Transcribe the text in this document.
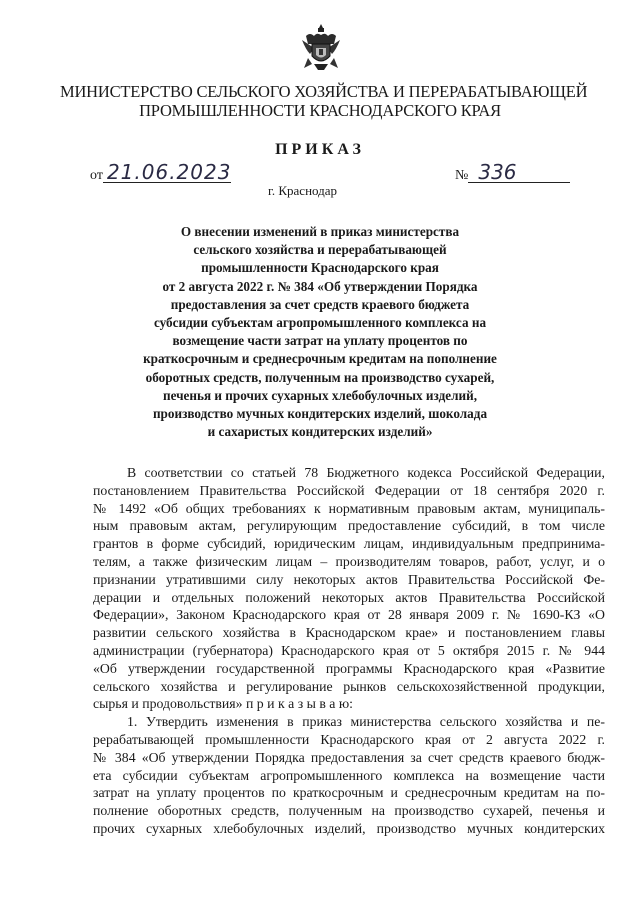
МИНИСТЕРСТВО СЕЛЬСКОГО ХОЗЯЙСТВА И ПЕРЕРАБАТЫВАЮЩЕЙ
ПРОМЫШЛЕННОСТИ КРАСНОДАРСКОГО КРАЯ
ПРИКАЗ
от 21.06.2023	№ 336
г. Краснодар
О внесении изменений в приказ министерства
сельского хозяйства и перерабатывающей
промышленности Краснодарского края
от 2 августа 2022 г. № 384 «Об утверждении Порядка
предоставления за счет средств краевого бюджета
субсидии субъектам агропромышленного комплекса на
возмещение части затрат на уплату процентов по
краткосрочным и среднесрочным кредитам на пополнение
оборотных средств, полученным на производство сухарей,
печенья и прочих сухарных хлебобулочных изделий,
производство мучных кондитерских изделий, шоколада
и сахаристых кондитерских изделий»
В соответствии со статьей 78 Бюджетного кодекса Российской Федерации,
постановлением Правительства Российской Федерации от 18 сентября 2020 г.
№ 1492 «Об общих требованиях к нормативным правовым актам, муниципаль-
ным правовым актам, регулирующим предоставление субсидий, в том числе
грантов в форме субсидий, юридическим лицам, индивидуальным предпринима-
телям, а также физическим лицам – производителям товаров, работ, услуг, и о
признании утратившими силу некоторых актов Правительства Российской Фе-
дерации и отдельных положений некоторых актов Правительства Российской
Федерации», Законом Краснодарского края от 28 января 2009 г. № 1690-КЗ «О
развитии сельского хозяйства в Краснодарском крае» и постановлением главы
администрации (губернатора) Краснодарского края от 5 октября 2015 г. № 944
«Об утверждении государственной программы Краснодарского края «Развитие
сельского хозяйства и регулирование рынков сельскохозяйственной продукции,
сырья и продовольствия» п р и к а з ы в а ю:
1. Утвердить изменения в приказ министерства сельского хозяйства и пе-
рерабатывающей промышленности Краснодарского края от 2 августа 2022 г.
№ 384 «Об утверждении Порядка предоставления за счет средств краевого бюдж-
ета субсидии субъектам агропромышленного комплекса на возмещение части
затрат на уплату процентов по краткосрочным и среднесрочным кредитам на по-
полнение оборотных средств, полученным на производство сухарей, печенья и
прочих сухарных хлебобулочных изделий, производство мучных кондитерских
